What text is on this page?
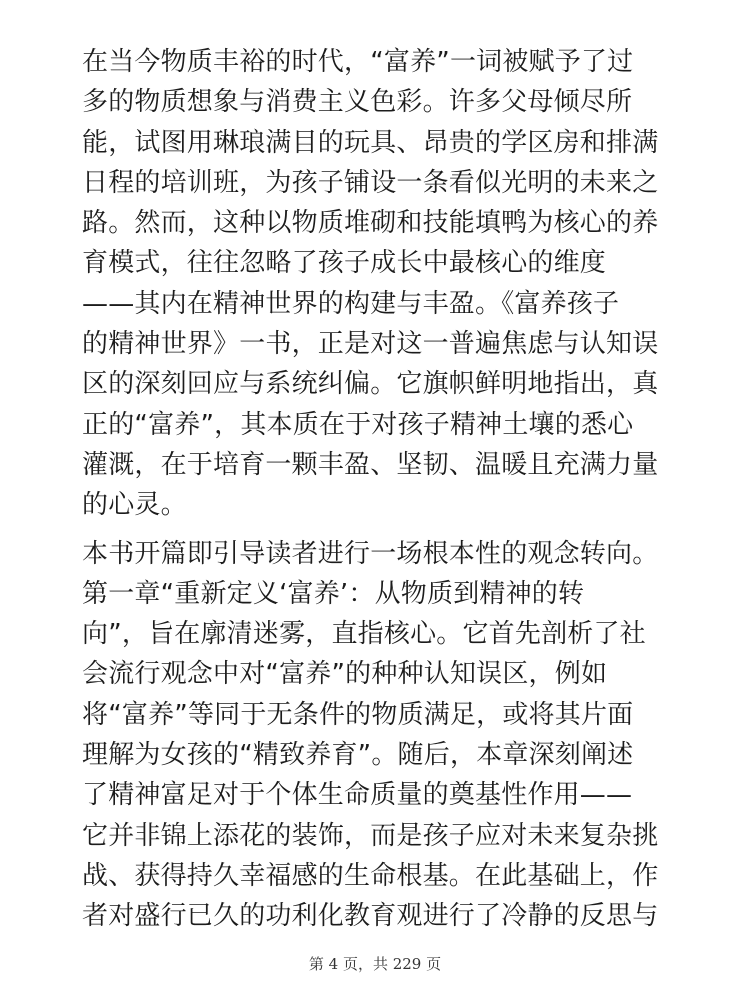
在当今物质丰裕的时代，“富养”一词被赋予了过
多的物质想象与消费主义色彩。许多父母倾尽所
能，试图用琳琅满目的玩具、昂贵的学区房和排满
日程的培训班，为孩子铺设一条看似光明的未来之
路。然而，这种以物质堆砌和技能填鸭为核心的养
育模式，往往忽略了孩子成长中最核心的维度
——其内在精神世界的构建与丰盈。《富养孩子
的精神世界》一书，正是对这一普遍焦虑与认知误
区的深刻回应与系统纠偏。它旗帜鲜明地指出，真
正的“富养”，其本质在于对孩子精神土壤的悉心
灌溉，在于培育一颗丰盈、坚韧、温暖且充满力量
的心灵。

本书开篇即引导读者进行一场根本性的观念转向。
第一章“重新定义‘富养’：从物质到精神的转
向”，旨在廓清迷雾，直指核心。它首先剖析了社
会流行观念中对“富养”的种种认知误区，例如
将“富养”等同于无条件的物质满足，或将其片面
理解为女孩的“精致养育”。随后，本章深刻阐述
了精神富足对于个体生命质量的奠基性作用——
它并非锦上添花的装饰，而是孩子应对未来复杂挑
战、获得持久幸福感的生命根基。在此基础上，作
者对盛行已久的功利化教育观进行了冷静的反思与

第 4 页，共 229 页
